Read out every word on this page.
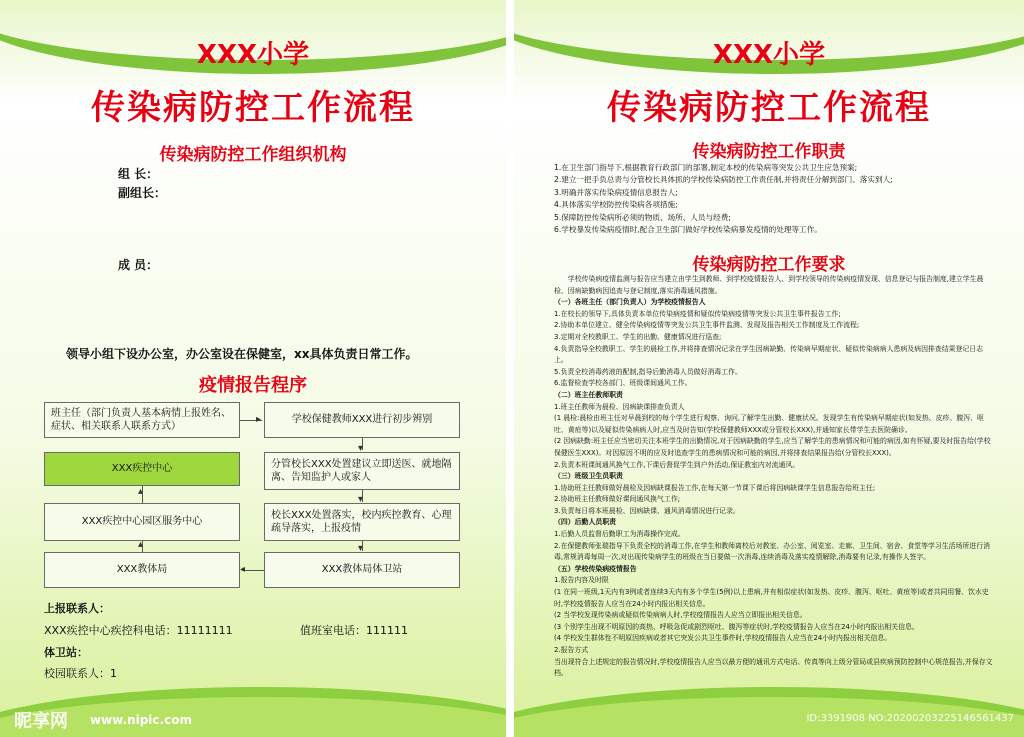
XXX小学
传染病防控工作流程
传染病防控工作组织机构
组 长：
副组长：
成 员：
领导小组下设办公室，办公室设在保健室，xx具体负责日常工作。
疫情报告程序
班主任（部门负责人基本病情上报姓名、症状、相关联系人联系方式）
学校保健教师XXX进行初步辨别
XXX疾控中心	分管校长XXX处置建议立即送医、就地隔离、告知监护人或家人
XXX疾控中心园区服务中心
校长XXX处置落实，校内疾控教育、心理疏导落实，上报疫情
XXX教体局	XXX教体局体卫站
▸
▾
▾
▾
◂
▴
▴
上报联系人：
XXX疾控中心疾控科电话：11111111	值班室电话：111111
体卫站：
校园联系人：1
XXX小学
传染病防控工作流程
传染病防控工作职责
1.在卫生部门指导下,根据教育行政部门的部署,制定本校的传染病等突发公共卫生应急预案;
2.建立一把手负总责与分管校长具体抓的学校传染病防控工作责任制,并将责任分解到部门、落实到人;
3.明确并落实传染病疫情信息报告人;
4.具体落实学校防控传染病各项措施;
5.保障防控传染病所必须的物质、场所、人员与经费;
6.学校暴发传染病疫情时,配合卫生部门做好学校传染病暴发疫情的处理等工作。
传染病防控工作要求
学校传染病疫情监测与报告应当建立由学生到教师、到学校疫情报告人、到学校领导的传染病疫情发现、信息登记与报告制度,建立学生晨检、因病缺勤病因追查与登记制度,落实消毒通风措施。
（一）各班主任（部门负责人）为学校疫情报告人
1.在校长的领导下,具体负责本单位传染病疫情和疑似传染病疫情等突发公共卫生事件报告工作;
2.协助本单位建立、健全传染病疫情等突发公共卫生事件监测、发现及报告相关工作制度及工作流程;
3.定期对全校教职工、学生的出勤、健康情况进行巡查;
4.负责指导全校教职工、学生的晨检工作,并将排查情况记录在学生因病缺勤、传染病早期症状、疑似传染病病人患病及病因排查结果登记日志上。
5.负责全校消毒药液的配制,指导后勤消毒人员做好消毒工作。
6.监督检查学校各部门、班级课间通风工作。
（二）班主任教师职责
1.班主任教师为晨检、因病缺课排查负责人
(1 晨检:晨检由班主任对早晨到校的每个学生进行观察、询问,了解学生出勤、健康状况。发现学生有传染病早期症状(如发热、皮疹、腹泻、呕吐、黄疸等)以及疑似传染病病人时,应当及时告知(学校保健教师XXX或分管校长XXX),并通知家长带学生去医院确诊。
(2 因病缺勤:班主任应当密切关注本班学生的出勤情况,对于因病缺勤的学生,应当了解学生的患病情况和可能的病因,如有怀疑,要及时报告给(学校保健医生XXX)。对因原因不明的应及时追查学生的患病情况和可能的病因,并将排查结果报告给(分管校长XXX)。
2.负责本班课间通风换气工作,下课后督促学生到户外活动,保证教室内对流通风。
（三）班级卫生员职责
1.协助班主任教师做好晨检及因病缺课报告工作,在每天第一节课下课后将因病缺课学生信息报告给班主任;
2.协助班主任教师做好课间通风换气工作;
3.负责每日将本班晨检、因病缺课、通风消毒情况进行记录。
（四）后勤人员职责
1.后勤人员监督后勤职工为消毒操作完成。
2.在保健教师张瑞指导下负责全校的消毒工作,在学生和教师离校后对教室、办公室、阅览室、走廊、卫生间、宿舍、食堂等学习生活场所进行消毒,常规消毒每周一次,对出现传染病学生的班级在当日要做一次消毒,连续消毒及落实疫情解除,消毒要有记录,有操作人签字。
（五）学校传染病疫情报告
1.报告内容及时限
(1 在同一班级,1天内有3例或者连续3天内有多个学生(5例)以上患病,并有相似症状(如发热、皮疹、腹泻、呕吐、黄疸等)或者共同用餐、饮水史时,学校疫情报告人应当在24小时内报出相关信息。
(2 当学校发现传染病或疑似传染病病人时,学校疫情报告人应当立即报出相关信息。
(3 个别学生出现不明原因的高热、呼吸急促或剧烈呕吐、腹泻等症状时,学校疫情报告人应当在24小时内报出相关信息。
(4 学校发生群体性不明原因疾病或者其它突发公共卫生事件时,学校疫情报告人应当在24小时内报出相关信息。
2.报告方式
当出现符合上述规定的报告情况时,学校疫情报告人应当以最方便的通讯方式电话、传真等向上级分管局或县疾病预防控制中心规范报告,并保存文档。
昵享网 www.nipic.com	ID:3391908 NO:20200203225146561437
